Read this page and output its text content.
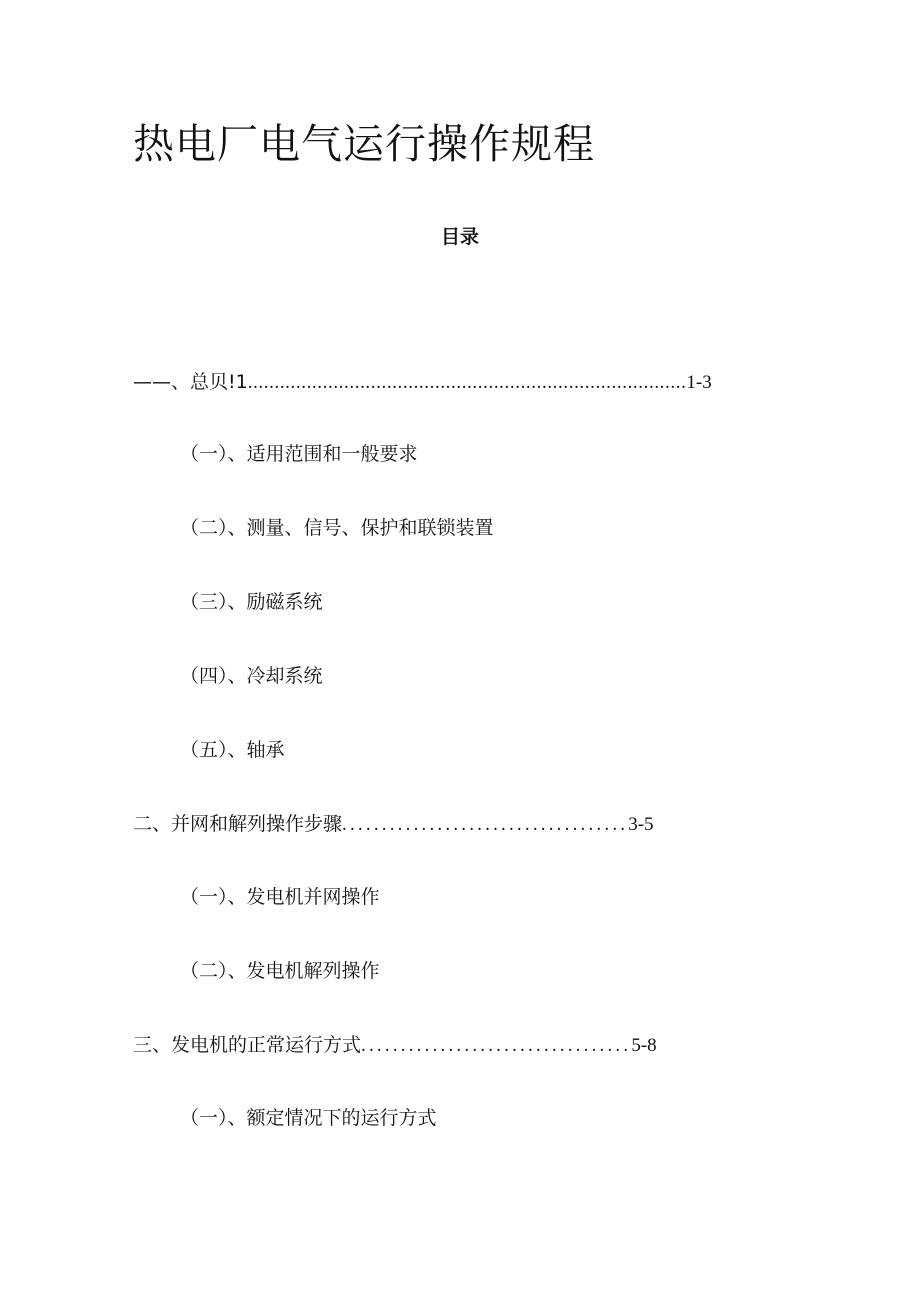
热电厂电气运行操作规程
目录
——、总贝!1..................................................................................1-3
（一）、适用范围和一般要求
（二）、测量、信号、保护和联锁装置
（三）、励磁系统
（四）、冷却系统
（五）、轴承
二、并网和解列操作步骤....................................3-5
（一）、发电机并网操作
（二）、发电机解列操作
三、发电机的正常运行方式..................................5-8
（一）、额定情况下的运行方式
